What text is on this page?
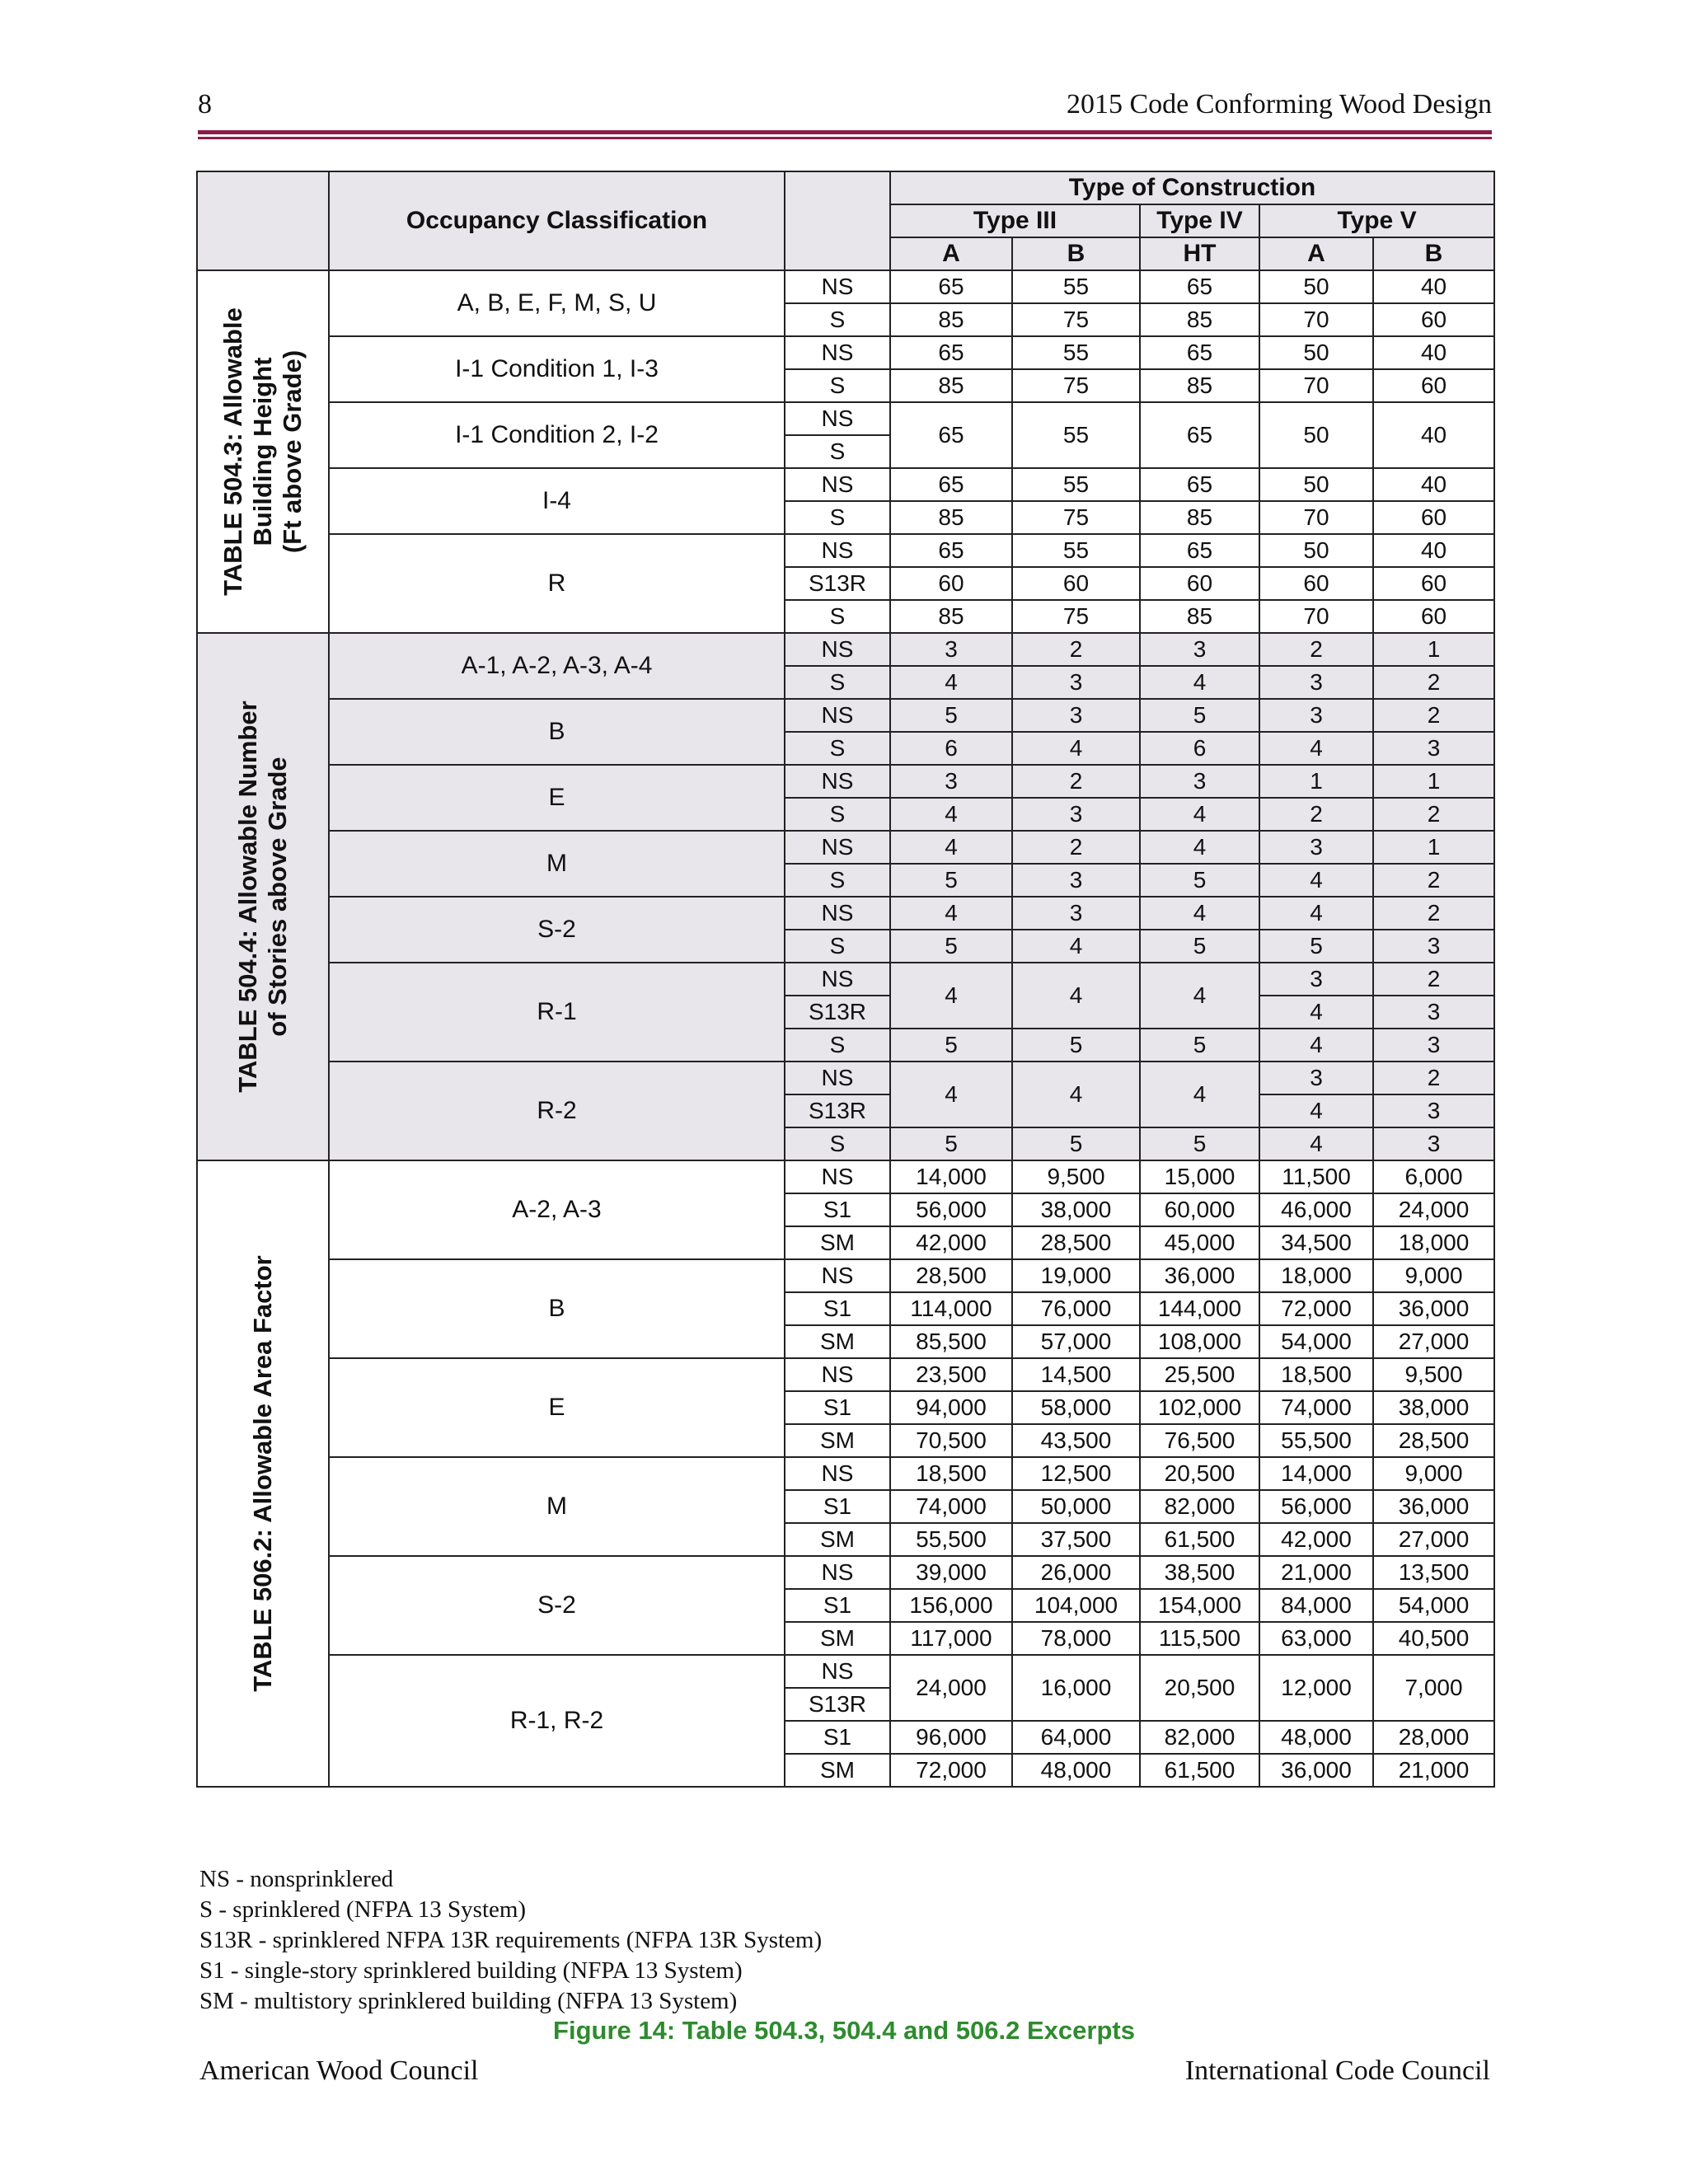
8	2015 Code Conforming Wood Design
	Occupancy Classification		Type of Construction				
			Type III		Type IV	Type V	
			A	B	HT	A	B

TABLE 504.3: Allowable
Building Height
(Ft above Grade)	A, B, E, F, M, S, U	NS	65	55	65	50	40
		S	85	75	85	70	60
	I-1 Condition 1, I-3	NS	65	55	65	50	40
		S	85	75	85	70	60
	I-1 Condition 2, I-2	NS	65	55	65	50	40
		S					
	I-4	NS	65	55	65	50	40
		S	85	75	85	70	60
	R	NS	65	55	65	50	40
		S13R	60	60	60	60	60
		S	85	75	85	70	60

TABLE 504.4: Allowable Number
of Stories above Grade	A-1, A-2, A-3, A-4	NS	3	2	3	2	1
		S	4	3	4	3	2
	B	NS	5	3	5	3	2
		S	6	4	6	4	3
	E	NS	3	2	3	1	1
		S	4	3	4	2	2
	M	NS	4	2	4	3	1
		S	5	3	5	4	2
	S-2	NS	4	3	4	4	2
		S	5	4	5	5	3
	R-1	NS	4	4	4	3	2
		S13R				4	3
		S	5	5	5	4	3
	R-2	NS	4	4	4	3	2
		S13R				4	3
		S	5	5	5	4	3

TABLE 506.2: Allowable Area Factor	A-2, A-3	NS	14,000	9,500	15,000	11,500	6,000
		S1	56,000	38,000	60,000	46,000	24,000
		SM	42,000	28,500	45,000	34,500	18,000
	B	NS	28,500	19,000	36,000	18,000	9,000
		S1	114,000	76,000	144,000	72,000	36,000
		SM	85,500	57,000	108,000	54,000	27,000
	E	NS	23,500	14,500	25,500	18,500	9,500
		S1	94,000	58,000	102,000	74,000	38,000
		SM	70,500	43,500	76,500	55,500	28,500
	M	NS	18,500	12,500	20,500	14,000	9,000
		S1	74,000	50,000	82,000	56,000	36,000
		SM	55,500	37,500	61,500	42,000	27,000
	S-2	NS	39,000	26,000	38,500	21,000	13,500
		S1	156,000	104,000	154,000	84,000	54,000
		SM	117,000	78,000	115,500	63,000	40,500
	R-1, R-2	NS	24,000	16,000	20,500	12,000	7,000
		S13R					
		S1	96,000	64,000	82,000	48,000	28,000
		SM	72,000	48,000	61,500	36,000	21,000
NS - nonsprinklered
S - sprinklered (NFPA 13 System)
S13R - sprinklered NFPA 13R requirements (NFPA 13R System)
S1 - single-story sprinklered building (NFPA 13 System)
SM - multistory sprinklered building (NFPA 13 System)
Figure 14: Table 504.3, 504.4 and 506.2 Excerpts
American Wood Council	International Code Council
